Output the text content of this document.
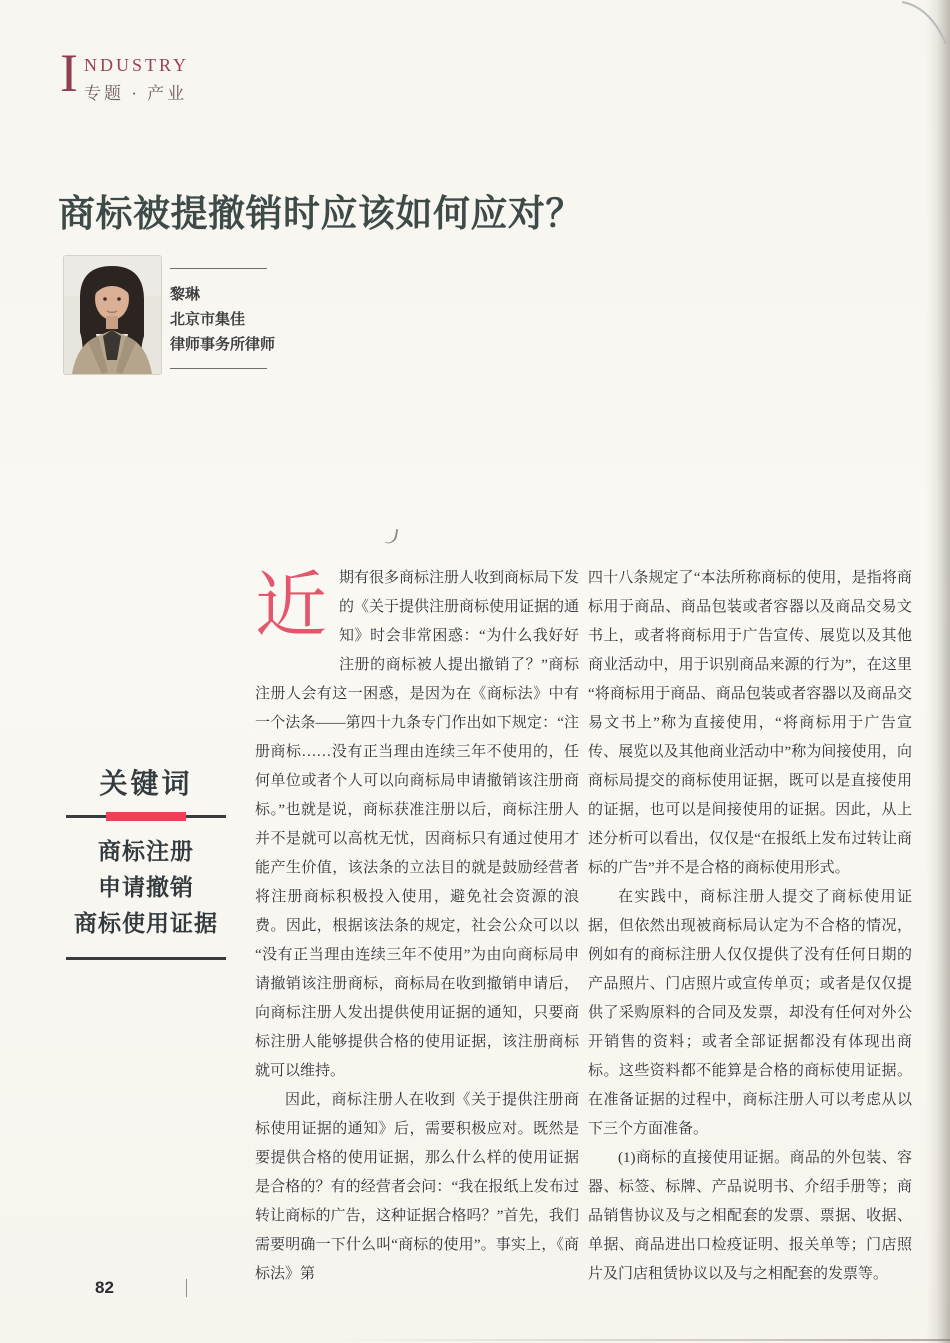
I NDUSTRY
专题 · 产业
商标被提撤销时应该如何应对？
黎琳
北京市集佳
律师事务所律师
关键词
商标注册
申请撤销
商标使用证据

近期有很多商标注册人收到商标局下发的《关于提供注册商标使用证据的通知》时会非常困惑：“为什么我好好注册的商标被人提出撤销了？”商标注册人会有这一困惑，是因为在《商标法》中有一个法条——第四十九条专门作出如下规定：“注册商标……没有正当理由连续三年不使用的，任何单位或者个人可以向商标局申请撤销该注册商标。”也就是说，商标获准注册以后，商标注册人并不是就可以高枕无忧，因商标只有通过使用才能产生价值，该法条的立法目的就是鼓励经营者将注册商标积极投入使用，避免社会资源的浪费。因此，根据该法条的规定，社会公众可以以“没有正当理由连续三年不使用”为由向商标局申请撤销该注册商标，商标局在收到撤销申请后，向商标注册人发出提供使用证据的通知，只要商标注册人能够提供合格的使用证据，该注册商标就可以维持。

因此，商标注册人在收到《关于提供注册商标使用证据的通知》后，需要积极应对。既然是要提供合格的使用证据，那么什么样的使用证据是合格的？有的经营者会问：“我在报纸上发布过转让商标的广告，这种证据合格吗？”首先，我们需要明确一下什么叫“商标的使用”。事实上，《商标法》第

四十八条规定了“本法所称商标的使用，是指将商标用于商品、商品包装或者容器以及商品交易文书上，或者将商标用于广告宣传、展览以及其他商业活动中，用于识别商品来源的行为”，在这里“将商标用于商品、商品包装或者容器以及商品交易文书上”称为直接使用，“将商标用于广告宣传、展览以及其他商业活动中”称为间接使用，向商标局提交的商标使用证据，既可以是直接使用的证据，也可以是间接使用的证据。因此，从上述分析可以看出，仅仅是“在报纸上发布过转让商标的广告”并不是合格的商标使用形式。

在实践中，商标注册人提交了商标使用证据，但依然出现被商标局认定为不合格的情况，例如有的商标注册人仅仅提供了没有任何日期的产品照片、门店照片或宣传单页；或者是仅仅提供了采购原料的合同及发票，却没有任何对外公开销售的资料；或者全部证据都没有体现出商标。这些资料都不能算是合格的商标使用证据。在准备证据的过程中，商标注册人可以考虑从以下三个方面准备。

(1)商标的直接使用证据。商品的外包装、容器、标签、标牌、产品说明书、介绍手册等；商品销售协议及与之相配套的发票、票据、收据、单据、商品进出口检疫证明、报关单等；门店照片及门店租赁协议以及与之相配套的发票等。

82
